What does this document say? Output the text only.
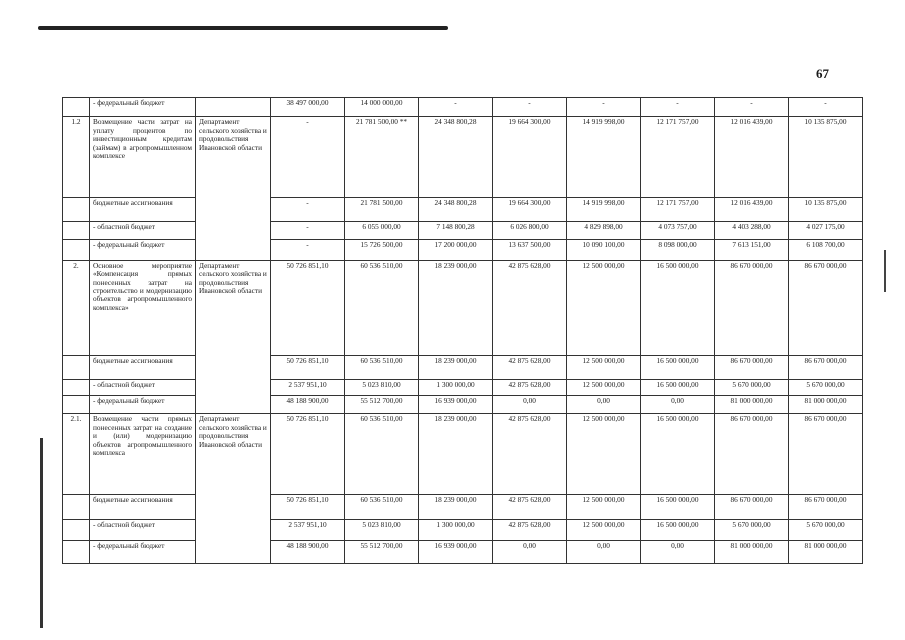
67
	- федеральный бюджет		38 497 000,00	14 000 000,00	-	-	-	-	-	-
1.2	Возмещение части затрат на уплату процентов по инвестиционным кредитам (займам) в агропромышленном комплексе	Департамент сельского хозяйства и продовольствия Ивановской области	-	21 781 500,00 **	24 348 800,28	19 664 300,00	14 919 998,00	12 171 757,00	12 016 439,00	10 135 875,00
	бюджетные ассигнования		-	21 781 500,00	24 348 800,28	19 664 300,00	14 919 998,00	12 171 757,00	12 016 439,00	10 135 875,00
	- областной бюджет		-	6 055 000,00	7 148 800,28	6 026 800,00	4 829 898,00	4 073 757,00	4 403 288,00	4 027 175,00
	- федеральный бюджет		-	15 726 500,00	17 200 000,00	13 637 500,00	10 090 100,00	8 098 000,00	7 613 151,00	6 108 700,00
2.	Основное мероприятие «Компенсация прямых понесенных затрат на строительство и модернизацию объектов агропромышленного комплекса»	Департамент сельского хозяйства и продовольствия Ивановской области	50 726 851,10	60 536 510,00	18 239 000,00	42 875 628,00	12 500 000,00	16 500 000,00	86 670 000,00	86 670 000,00
	бюджетные ассигнования		50 726 851,10	60 536 510,00	18 239 000,00	42 875 628,00	12 500 000,00	16 500 000,00	86 670 000,00	86 670 000,00
	- областной бюджет		2 537 951,10	5 023 810,00	1 300 000,00	42 875 628,00	12 500 000,00	16 500 000,00	5 670 000,00	5 670 000,00
	- федеральный бюджет		48 188 900,00	55 512 700,00	16 939 000,00	0,00	0,00	0,00	81 000 000,00	81 000 000,00
2.1.	Возмещение части прямых понесенных затрат на создание и (или) модернизацию объектов агропромышленного комплекса	Департамент сельского хозяйства и продовольствия Ивановской области	50 726 851,10	60 536 510,00	18 239 000,00	42 875 628,00	12 500 000,00	16 500 000,00	86 670 000,00	86 670 000,00
	бюджетные ассигнования		50 726 851,10	60 536 510,00	18 239 000,00	42 875 628,00	12 500 000,00	16 500 000,00	86 670 000,00	86 670 000,00
	- областной бюджет		2 537 951,10	5 023 810,00	1 300 000,00	42 875 628,00	12 500 000,00	16 500 000,00	5 670 000,00	5 670 000,00
	- федеральный бюджет		48 188 900,00	55 512 700,00	16 939 000,00	0,00	0,00	0,00	81 000 000,00	81 000 000,00
